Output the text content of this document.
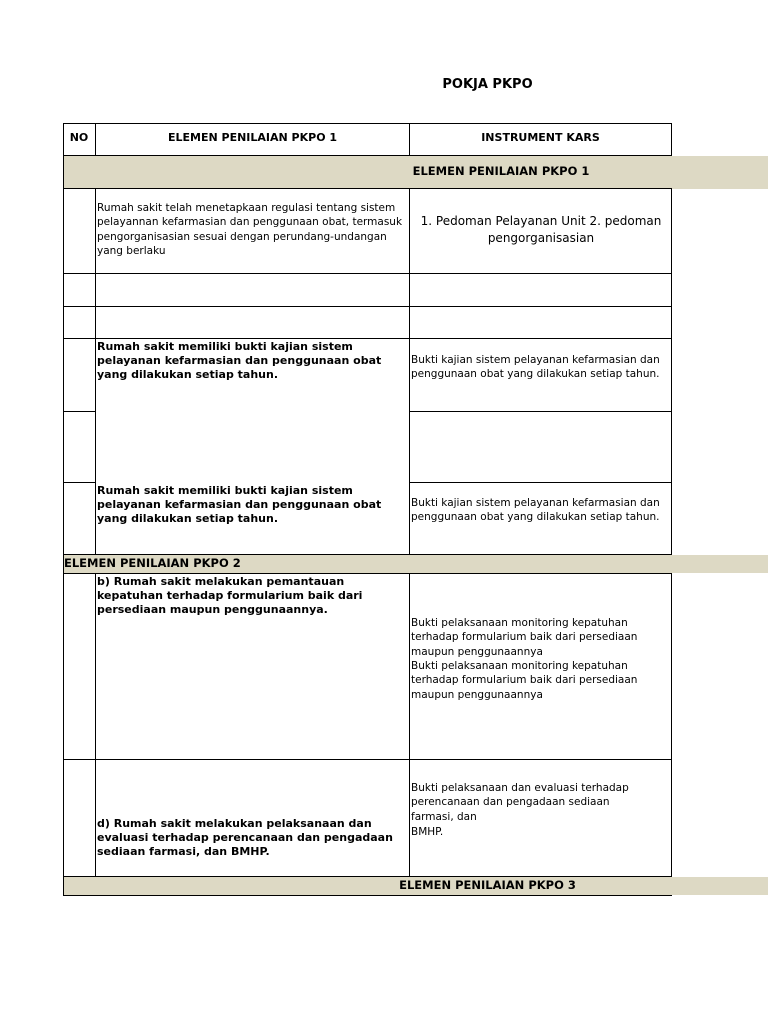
POKJA PKPO
NO	ELEMEN PENILAIAN PKPO 1	INSTRUMENT KARS
ELEMEN PENILAIAN PKPO 1
Rumah sakit telah menetapkaan regulasi tentang sistem pelayannan kefarmasian dan penggunaan obat, termasuk pengorganisasian sesuai dengan perundang-undangan yang berlaku
1. Pedoman Pelayanan Unit 2. pedoman pengorganisasian
Rumah sakit memiliki bukti kajian sistem pelayanan kefarmasian dan penggunaan obat yang dilakukan setiap tahun.
Bukti kajian sistem pelayanan kefarmasian dan penggunaan obat yang dilakukan setiap tahun.
Rumah sakit memiliki bukti kajian sistem pelayanan kefarmasian dan penggunaan obat yang dilakukan setiap tahun.
Bukti kajian sistem pelayanan kefarmasian dan penggunaan obat yang dilakukan setiap tahun.
ELEMEN PENILAIAN PKPO 2
b) Rumah sakit melakukan pemantauan kepatuhan terhadap formularium baik dari persediaan maupun penggunaannya.
Bukti pelaksanaan monitoring kepatuhan terhadap formularium baik dari persediaan maupun penggunaannya
Bukti pelaksanaan monitoring kepatuhan terhadap formularium baik dari persediaan maupun penggunaannya
d) Rumah sakit melakukan pelaksanaan dan evaluasi terhadap perencanaan dan pengadaan sediaan farmasi, dan BMHP.
Bukti pelaksanaan dan evaluasi terhadap perencanaan dan pengadaan sediaan farmasi, dan
BMHP.
ELEMEN PENILAIAN PKPO 3
